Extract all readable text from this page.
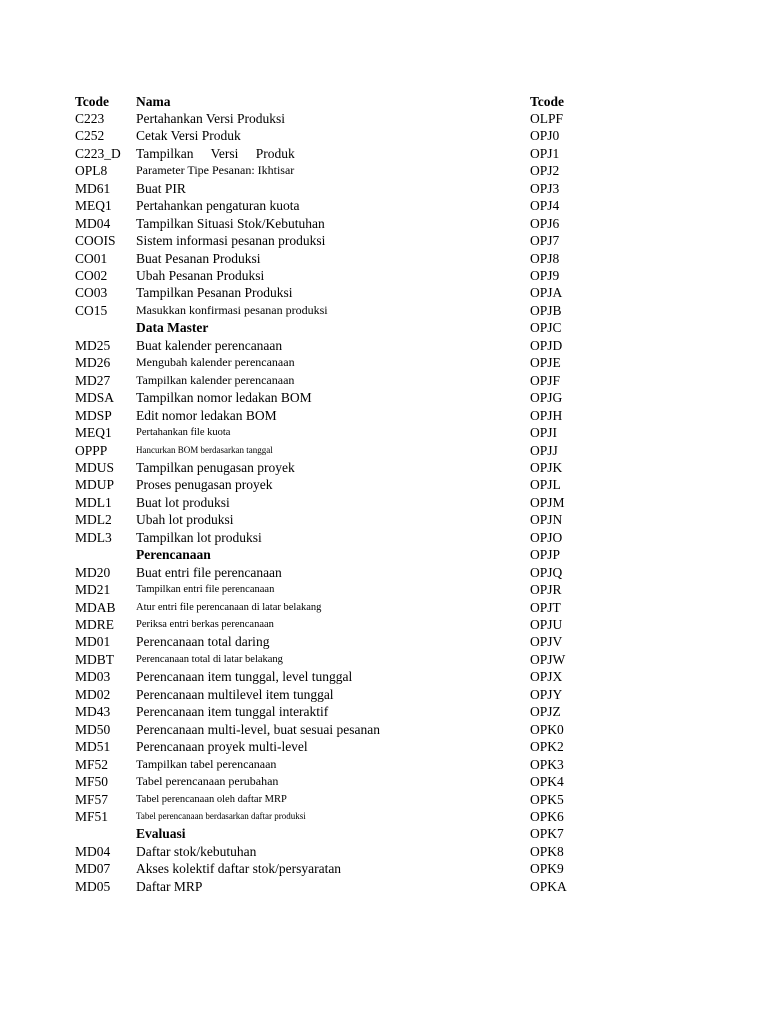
Tcode Nama	Tcode
C223 Pertahankan Versi Produksi	OLPF
C252 Cetak Versi Produk	OPJ0
C223_D Tampilkan Versi Produk	OPJ1
OPL8 Parameter Tipe Pesanan: Ikhtisar	OPJ2
MD61 Buat PIR	OPJ3
MEQ1 Pertahankan pengaturan kuota	OPJ4
MD04 Tampilkan Situasi Stok/Kebutuhan	OPJ6
COOIS Sistem informasi pesanan produksi	OPJ7
CO01 Buat Pesanan Produksi	OPJ8
CO02 Ubah Pesanan Produksi	OPJ9
CO03 Tampilkan Pesanan Produksi	OPJA
CO15 Masukkan konfirmasi pesanan produksi	OPJB
Data Master	OPJC
MD25 Buat kalender perencanaan	OPJD
MD26 Mengubah kalender perencanaan	OPJE
MD27 Tampilkan kalender perencanaan	OPJF
MDSA Tampilkan nomor ledakan BOM	OPJG
MDSP Edit nomor ledakan BOM	OPJH
MEQ1 Pertahankan file kuota	OPJI
OPPP	Hancurkan BOM berdasarkan tanggal	OPJJ
MDUS Tampilkan penugasan proyek	OPJK
MDUP Proses penugasan proyek	OPJL
MDL1 Buat lot produksi	OPJM
MDL2 Ubah lot produksi	OPJN
MDL3 Tampilkan lot produksi	OPJO
Perencanaan	OPJP
MD20 Buat entri file perencanaan	OPJQ
MD21 Tampilkan entri file perencanaan	OPJR
MDAB Atur entri file perencanaan di latar belakang	OPJT
MDRE Periksa entri berkas perencanaan	OPJU
MD01 Perencanaan total daring	OPJV
MDBT Perencanaan total di latar belakang	OPJW
MD03 Perencanaan item tunggal, level tunggal	OPJX
MD02 Perencanaan multilevel item tunggal	OPJY
MD43 Perencanaan item tunggal interaktif	OPJZ
MD50 Perencanaan multi-level, buat sesuai pesanan	OPK0
MD51 Perencanaan proyek multi-level	OPK2
MF52 Tampilkan tabel perencanaan	OPK3
MF50 Tabel perencanaan perubahan	OPK4
MF57	Tabel perencanaan oleh daftar MRP	OPK5
MF51	Tabel perencanaan berdasarkan daftar produksi	OPK6
Evaluasi	OPK7
MD04 Daftar stok/kebutuhan	OPK8
MD07 Akses kolektif daftar stok/persyaratan	OPK9
MD05 Daftar MRP	OPKA
